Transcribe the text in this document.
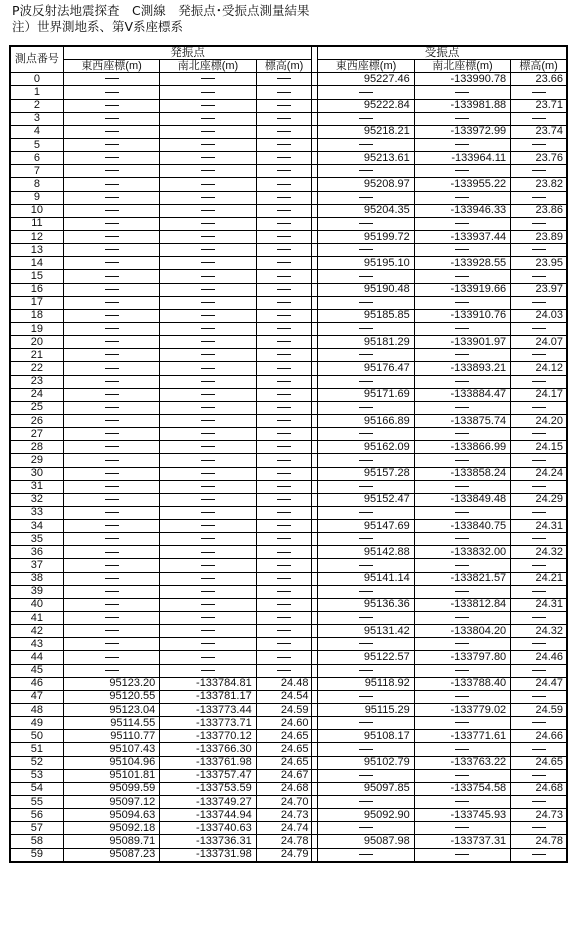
P波反射法地震探査　C測線　発振点･受振点測量結果
注）世界測地系、第Ⅴ系座標系
測点番号	発振点				受振点		
	東西座標(m)	南北座標(m)	標高(m)		東西座標(m)	南北座標(m)	標高(m)
0					95227.46	-133990.78	23.66
1							
2					95222.84	-133981.88	23.71
3							
4					95218.21	-133972.99	23.74
5							
6					95213.61	-133964.11	23.76
7							
8					95208.97	-133955.22	23.82
9							
10					95204.35	-133946.33	23.86
11							
12					95199.72	-133937.44	23.89
13							
14					95195.10	-133928.55	23.95
15							
16					95190.48	-133919.66	23.97
17							
18					95185.85	-133910.76	24.03
19							
20					95181.29	-133901.97	24.07
21							
22					95176.47	-133893.21	24.12
23							
24					95171.69	-133884.47	24.17
25							
26					95166.89	-133875.74	24.20
27							
28					95162.09	-133866.99	24.15
29							
30					95157.28	-133858.24	24.24
31							
32					95152.47	-133849.48	24.29
33							
34					95147.69	-133840.75	24.31
35							
36					95142.88	-133832.00	24.32
37							
38					95141.14	-133821.57	24.21
39							
40					95136.36	-133812.84	24.31
41							
42					95131.42	-133804.20	24.32
43							
44					95122.57	-133797.80	24.46
45							
46	95123.20	-133784.81	24.48		95118.92	-133788.40	24.47
47	95120.55	-133781.17	24.54				
48	95123.04	-133773.44	24.59		95115.29	-133779.02	24.59
49	95114.55	-133773.71	24.60				
50	95110.77	-133770.12	24.65		95108.17	-133771.61	24.66
51	95107.43	-133766.30	24.65				
52	95104.96	-133761.98	24.65		95102.79	-133763.22	24.65
53	95101.81	-133757.47	24.67				
54	95099.59	-133753.59	24.68		95097.85	-133754.58	24.68
55	95097.12	-133749.27	24.70				
56	95094.63	-133744.94	24.73		95092.90	-133745.93	24.73
57	95092.18	-133740.63	24.74				
58	95089.71	-133736.31	24.78		95087.98	-133737.31	24.78
59	95087.23	-133731.98	24.79				
